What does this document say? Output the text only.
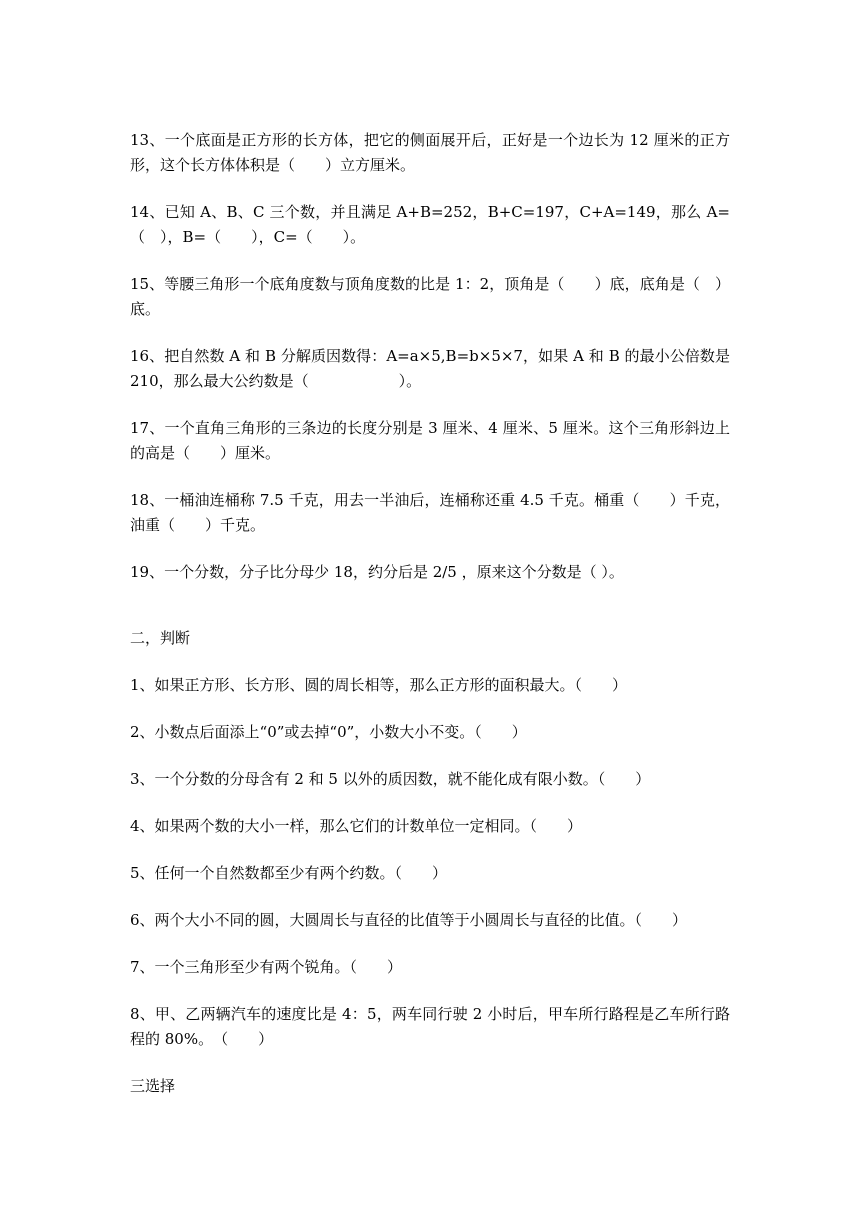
13、一个底面是正方形的长方体，把它的侧面展开后，正好是一个边长为 12 厘米的正方形，这个长方体体积是（　　）立方厘米。

14、已知 A、B、C 三个数，并且满足 A+B=252，B+C=197，C+A=149，那么 A=（　），B=（　　），C=（　　）。

15、等腰三角形一个底角度数与顶角度数的比是 1：2，顶角是（　　）底，底角是（　）底。

16、把自然数 A 和 B 分解质因数得：A=a×5,B=b×5×7，如果 A 和 B 的最小公倍数是 210，那么最大公约数是（　　　　　　）。

17、一个直角三角形的三条边的长度分别是 3 厘米、4 厘米、5 厘米。这个三角形斜边上的高是（　　）厘米。

18、一桶油连桶称 7.5 千克，用去一半油后，连桶称还重 4.5 千克。桶重（　　）千克，油重（　　）千克。

19、一个分数，分子比分母少 18，约分后是 2/5 ，原来这个分数是（ ）。

二，判断

1、如果正方形、长方形、圆的周长相等，那么正方形的面积最大。（　　）

2、小数点后面添上“0”或去掉“0”，小数大小不变。（　　）

3、一个分数的分母含有 2 和 5 以外的质因数，就不能化成有限小数。（　　）

4、如果两个数的大小一样，那么它们的计数单位一定相同。（　　）

5、任何一个自然数都至少有两个约数。（　　）

6、两个大小不同的圆，大圆周长与直径的比值等于小圆周长与直径的比值。（　　）

7、一个三角形至少有两个锐角。（　　）

8、甲、乙两辆汽车的速度比是 4：5，两车同行驶 2 小时后，甲车所行路程是乙车所行路程的 80%。　（　　）

三选择
